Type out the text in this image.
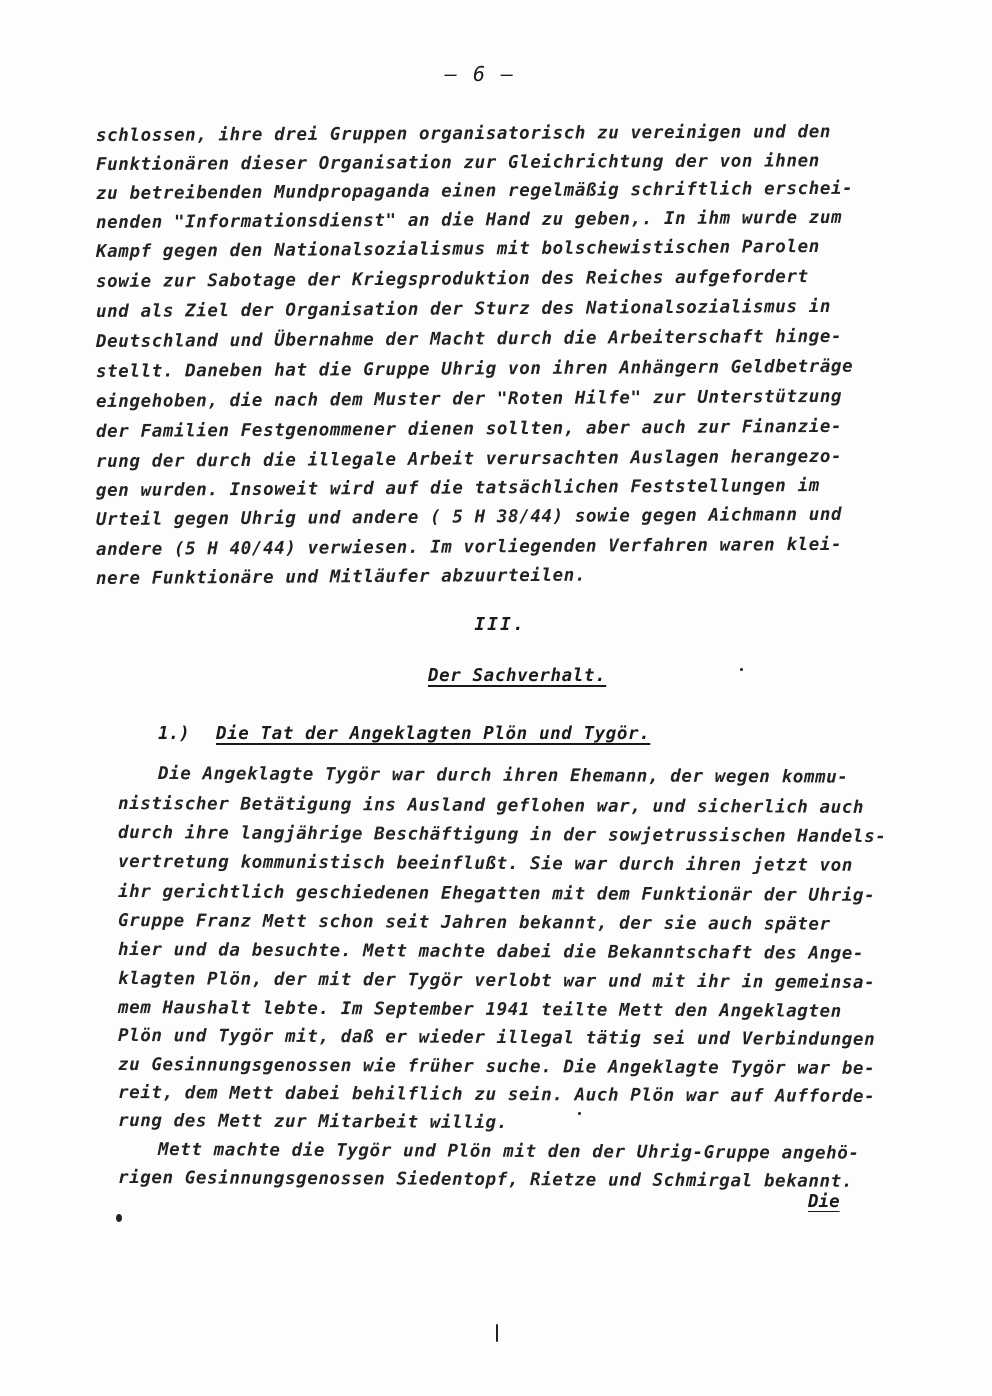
– 6 –
schlossen, ihre drei Gruppen organisatorisch zu vereinigen und den
Funktionären dieser Organisation zur Gleichrichtung der von ihnen
zu betreibenden Mundpropaganda einen regelmäßig schriftlich erschei-
nenden "Informationsdienst" an die Hand zu geben,. In ihm wurde zum
Kampf gegen den Nationalsozialismus mit bolschewistischen Parolen
sowie zur Sabotage der Kriegsproduktion des Reiches aufgefordert
und als Ziel der Organisation der Sturz des Nationalsozialismus in
Deutschland und Übernahme der Macht durch die Arbeiterschaft hinge-
stellt. Daneben hat die Gruppe Uhrig von ihren Anhängern Geldbeträge
eingehoben, die nach dem Muster der "Roten Hilfe" zur Unterstützung
der Familien Festgenommener dienen sollten, aber auch zur Finanzie-
rung der durch die illegale Arbeit verursachten Auslagen herangezo-
gen wurden. Insoweit wird auf die tatsächlichen Feststellungen im
Urteil gegen Uhrig und andere ( 5 H 38/44) sowie gegen Aichmann und
andere (5 H 40/44) verwiesen. Im vorliegenden Verfahren waren klei-
nere Funktionäre und Mitläufer abzuurteilen.
III.
Der Sachverhalt.
1.) Die Tat der Angeklagten Plön und Tygör.
Die Angeklagte Tygör war durch ihren Ehemann, der wegen kommu-
nistischer Betätigung ins Ausland geflohen war, und sicherlich auch
durch ihre langjährige Beschäftigung in der sowjetrussischen Handels-
vertretung kommunistisch beeinflußt. Sie war durch ihren jetzt von
ihr gerichtlich geschiedenen Ehegatten mit dem Funktionär der Uhrig-
Gruppe Franz Mett schon seit Jahren bekannt, der sie auch später
hier und da besuchte. Mett machte dabei die Bekanntschaft des Ange-
klagten Plön, der mit der Tygör verlobt war und mit ihr in gemeinsa-
mem Haushalt lebte. Im September 1941 teilte Mett den Angeklagten
Plön und Tygör mit, daß er wieder illegal tätig sei und Verbindungen
zu Gesinnungsgenossen wie früher suche. Die Angeklagte Tygör war be-
reit, dem Mett dabei behilflich zu sein. Auch Plön war auf Aufforde-
rung des Mett zur Mitarbeit willig.
Mett machte die Tygör und Plön mit den der Uhrig-Gruppe angehö-
rigen Gesinnungsgenossen Siedentopf, Rietze und Schmirgal bekannt.
Die
